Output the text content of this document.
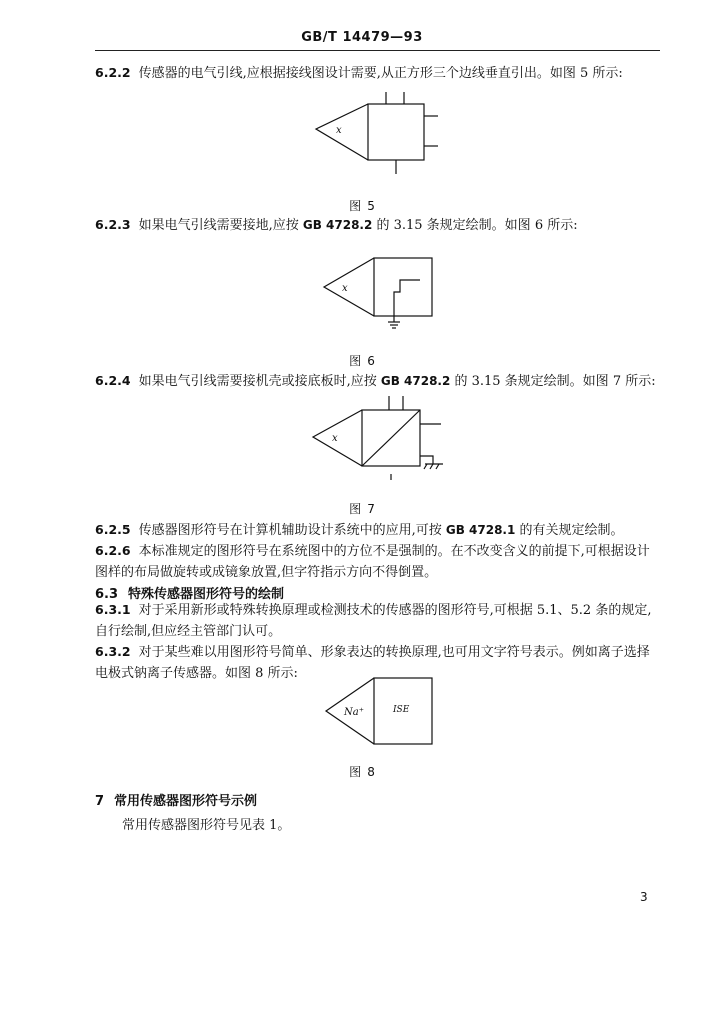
GB/T 14479—93

6.2.2 传感器的电气引线,应根据接线图设计需要,从正方形三个边线垂直引出。如图 5 所示:

x
图 5

6.2.3 如果电气引线需要接地,应按 GB 4728.2 的 3.15 条规定绘制。如图 6 所示:

x
图 6

6.2.4 如果电气引线需要接机壳或接底板时,应按 GB 4728.2 的 3.15 条规定绘制。如图 7 所示:

x
图 7

6.2.5 传感器图形符号在计算机辅助设计系统中的应用,可按 GB 4728.1 的有关规定绘制。

6.2.6 本标准规定的图形符号在系统图中的方位不是强制的。在不改变含义的前提下,可根据设计图样的布局做旋转或成镜象放置,但字符指示方向不得倒置。

6.3 特殊传感器图形符号的绘制

6.3.1 对于采用新形或特殊转换原理或检测技术的传感器的图形符号,可根据 5.1、5.2 条的规定,自行绘制,但应经主管部门认可。

6.3.2 对于某些难以用图形符号简单、形象表达的转换原理,也可用文字符号表示。例如离子选择电极式钠离子传感器。如图 8 所示:

Na⁺	ISE
图 8
7 常用传感器图形符号示例

常用传感器图形符号见表 1。

3
